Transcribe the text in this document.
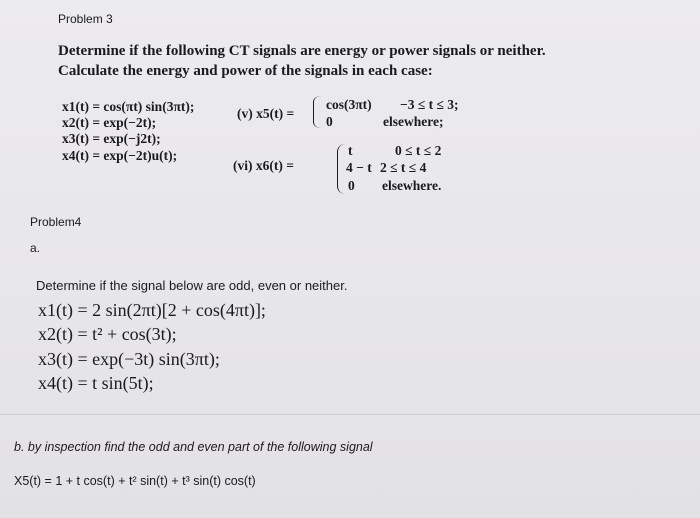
Problem 3
Determine if the following CT signals are energy or power signals or neither. Calculate the energy and power of the signals in each case:
x1(t) = cos(πt) sin(3πt);
x2(t) = exp(−2t);
x3(t) = exp(−j2t);
x4(t) = exp(−2t)u(t);
(v) x5(t) =
cos(3πt) −3 ≤ t ≤ 3;
0	elsewhere;
(vi) x6(t) =
t	0 ≤ t ≤ 2
4 − t 2 ≤ t ≤ 4
0 elsewhere.
Problem4
a.
Determine if the signal below are odd, even or neither.
x1(t) = 2 sin(2πt)[2 + cos(4πt)];
x2(t) = t² + cos(3t);
x3(t) = exp(−3t) sin(3πt);
x4(t) = t sin(5t);
b. by inspection find the odd and even part of the following signal
X5(t) = 1 + t cos(t) + t² sin(t) + t³ sin(t) cos(t)
